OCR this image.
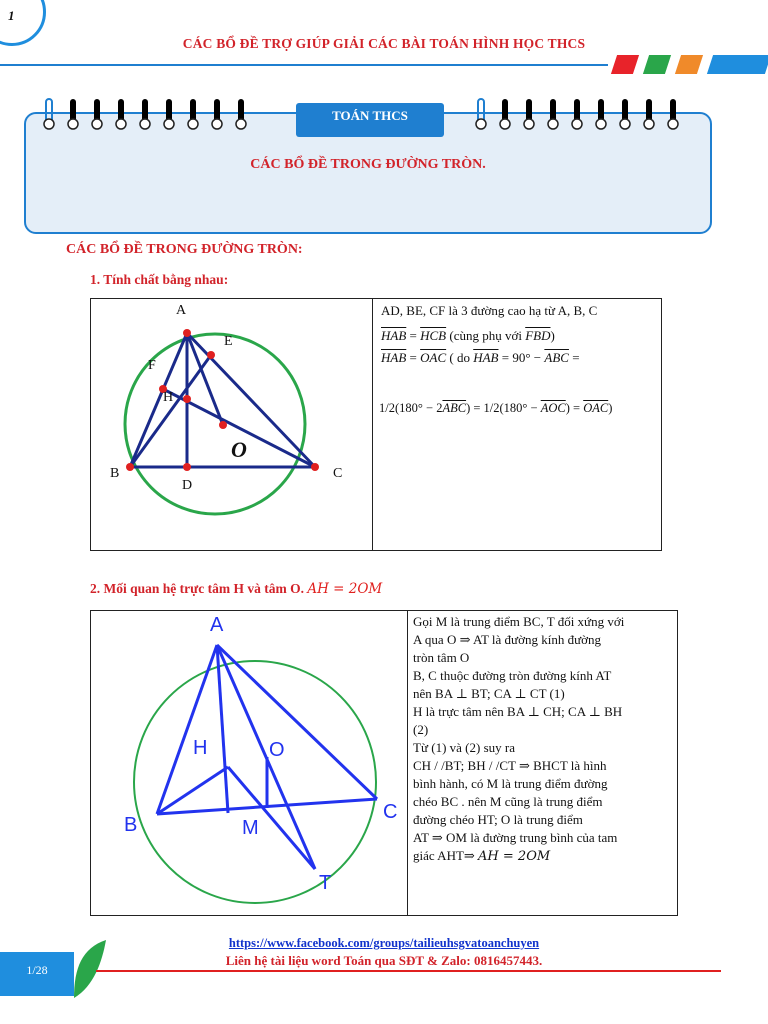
1
CÁC BỔ ĐỀ TRỢ GIÚP GIẢI CÁC BÀI TOÁN HÌNH HỌC THCS
TOÁN THCS
CÁC BỔ ĐỀ TRONG ĐƯỜNG TRÒN.
CÁC BỔ ĐỀ TRONG ĐƯỜNG TRÒN:
1. Tính chất bằng nhau:
A
E
F
H
O
B	C
D
AD, BE, CF là 3 đường cao hạ từ A, B, C
$\overline{HAB} = \overline{HCB}$ (cùng phụ với $\overline{FBD}$)
$\overline{HAB} = \overline{OAC}$ ( do $\overline{HAB} = 90^\circ - \overline{ABC}$ =
$1/2(180^\circ - 2\overline{ABC}) = 1/2(180^\circ - \overline{AOC}) = \overline{OAC}$)
2. Mối quan hệ trực tâm H và tâm O. AH = 2OM
A
H	O
B	M
C
T
Gọi M là trung điểm BC, T đối xứng với
A qua O ⇒ AT là đường kính đường
tròn tâm O
B, C thuộc đường tròn đường kính AT
nên BA ⊥ BT; CA ⊥ CT (1)
H là trực tâm nên BA ⊥ CH; CA ⊥ BH
(2)
Từ (1) và (2) suy ra
CH / /BT; BH / /CT ⇒ BHCT là hình
bình hành, có M là trung điểm đường
chéo BC . nên M cũng là trung điểm
đường chéo HT; O là trung điểm
AT ⇒ OM là đường trung bình của tam
giác AHT⇒ AH = 2OM
1/28
https://www.facebook.com/groups/tailieuhsgvatoanchuyen
Liên hệ tài liệu word Toán qua SĐT & Zalo: 0816457443.
